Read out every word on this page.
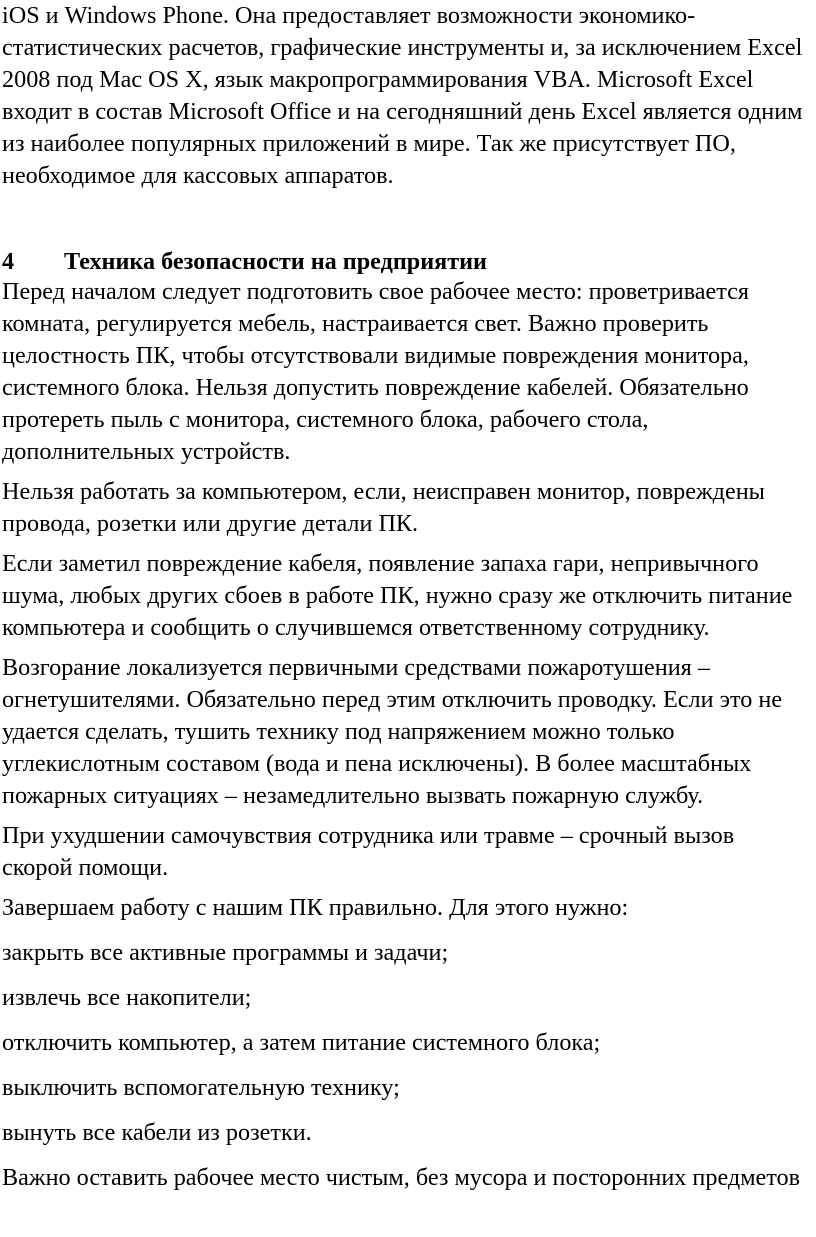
iOS и Windows Phone. Она предоставляет возможности экономико-
статистических расчетов, графические инструменты и, за исключением Excel
2008 под Mac OS X, язык макропрограммирования VBA. Microsoft Excel
входит в состав Microsoft Office и на сегодняшний день Excel является одним
из наиболее популярных приложений в мире. Так же присутствует ПО,
необходимое для кассовых аппаратов.
4 Техника безопасности на предприятии
Перед началом следует подготовить свое рабочее место: проветривается
комната, регулируется мебель, настраивается свет. Важно проверить
целостность ПК, чтобы отсутствовали видимые повреждения монитора,
системного блока. Нельзя допустить повреждение кабелей. Обязательно
протереть пыль с монитора, системного блока, рабочего стола,
дополнительных устройств.
Нельзя работать за компьютером, если, неисправен монитор, повреждены
провода, розетки или другие детали ПК.
Если заметил повреждение кабеля, появление запаха гари, непривычного
шума, любых других сбоев в работе ПК, нужно сразу же отключить питание
компьютера и сообщить о случившемся ответственному сотруднику.
Возгорание локализуется первичными средствами пожаротушения –
огнетушителями. Обязательно перед этим отключить проводку. Если это не
удается сделать, тушить технику под напряжением можно только
углекислотным составом (вода и пена исключены). В более масштабных
пожарных ситуациях – незамедлительно вызвать пожарную службу.
При ухудшении самочувствия сотрудника или травме – срочный вызов
скорой помощи.
Завершаем работу с нашим ПК правильно. Для этого нужно:
закрыть все активные программы и задачи;
извлечь все накопители;
отключить компьютер, а затем питание системного блока;
выключить вспомогательную технику;
вынуть все кабели из розетки.
Важно оставить рабочее место чистым, без мусора и посторонних предметов
